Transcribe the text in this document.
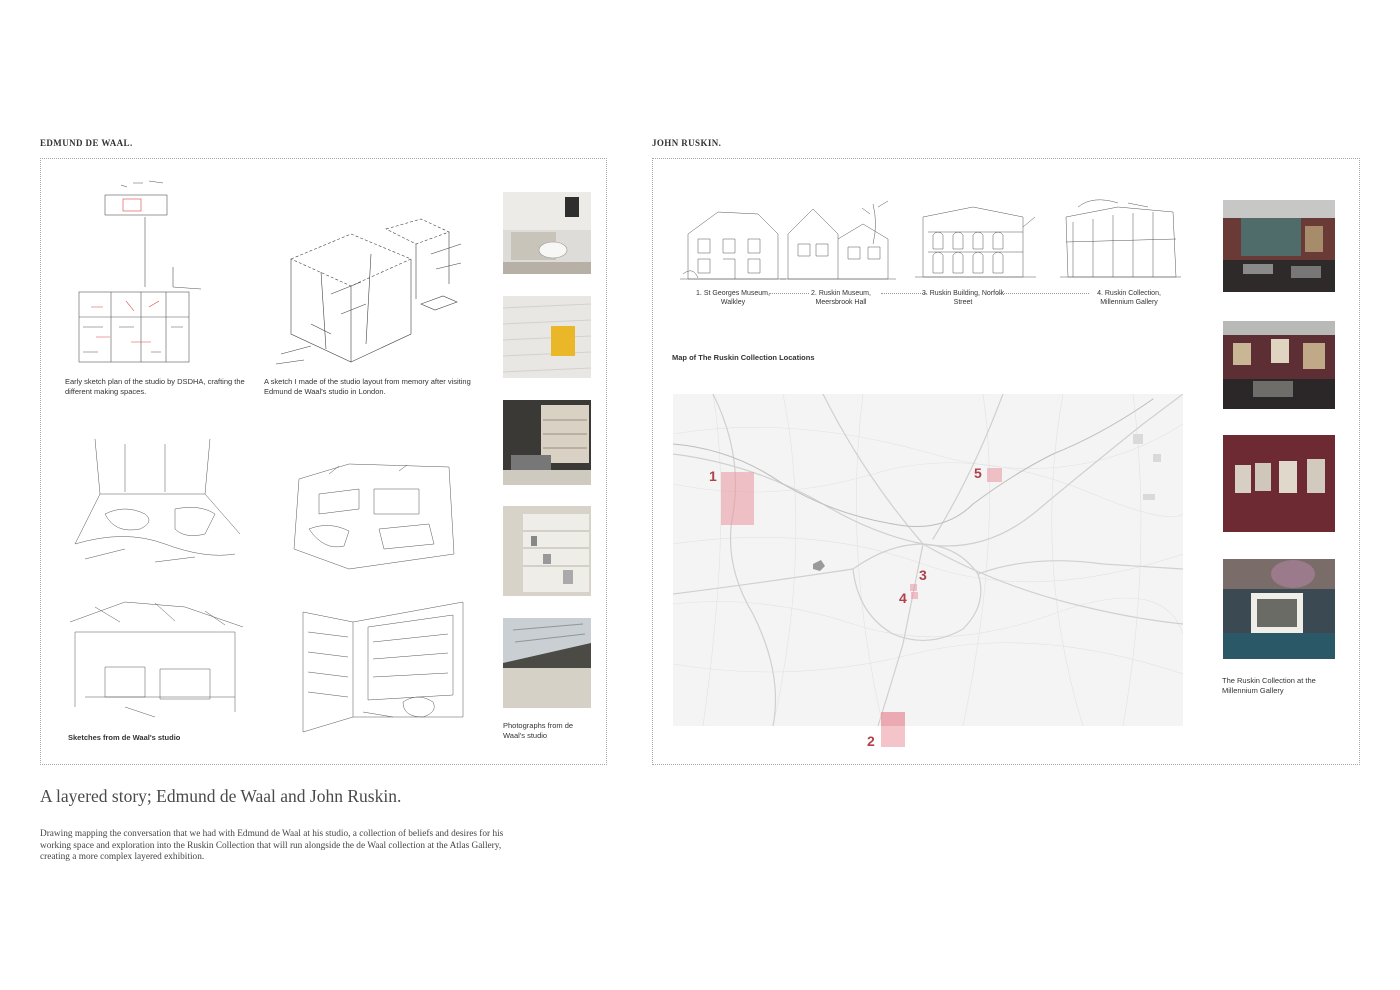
EDMUND DE WAAL.
Early sketch plan of the studio by DSDHA, crafting the different making spaces.
A sketch I made of the studio layout from memory after visiting Edmund de Waal's studio in London.
Sketches from de Waal's studio
Photographs from de Waal's studio
JOHN RUSKIN.
1. St Georges Museum, Walkley
2. Ruskin Museum, Meersbrook Hall
3. Ruskin Building, Norfolk Street
4. Ruskin Collection, Millennium Gallery
Map of The Ruskin Collection Locations
1	5
3
4
2
The Ruskin Collection at the Millennium Gallery
A layered story; Edmund de Waal and John Ruskin.
Drawing mapping the conversation that we had with Edmund de Waal at his studio, a collection of beliefs and desires for his working space and exploration into the Ruskin Collection that will run alongside the de Waal collection at the Atlas Gallery, creating a more complex layered exhibition.
